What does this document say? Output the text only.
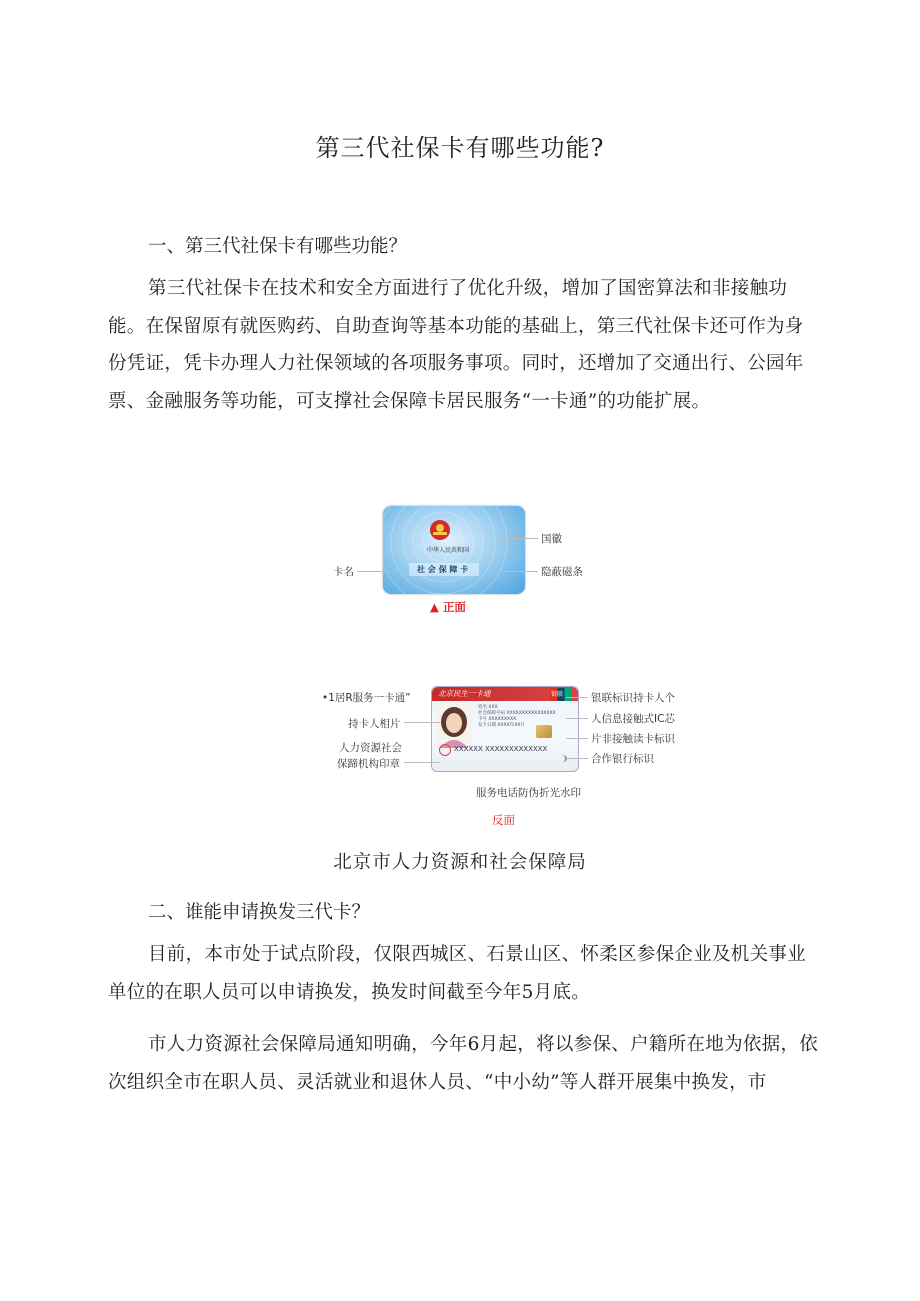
第三代社保卡有哪些功能?
一、第三代社保卡有哪些功能？
第三代社保卡在技术和安全方面进行了优化升级，增加了国密算法和非接触功能。在保留原有就医购药、自助查询等基本功能的基础上，第三代社保卡还可作为身份凭证，凭卡办理人力社保领域的各项服务事项。同时，还增加了交通出行、公园年票、金融服务等功能，可支撑社会保障卡居民服务“一卡通”的功能扩展。
中华人民共和国
社 会 保 障 卡
国徽
卡名	隐蔽磁条
▲ 正面
北京民生一卡通	银联
姓名 XXX
社会保障号码 XXXXXXXXXXXXXXXX
卡号 XXXXXXXXX
发卡日期 XXXX年XX月
XXXXXX XXXXXXXXXXXXX
•1居R服务一卡通”
持卡人相片
人力资源社会
保蹄机构印章
银联标识持卡人个
人信息接触式IC芯
片非接触读卡标识
合作银行标识
服务电话防伪折光水印
反面
北京市人力资源和社会保障局
二、谁能申请换发三代卡？
目前，本市处于试点阶段，仅限西城区、石景山区、怀柔区参保企业及机关事业单位的在职人员可以申请换发，换发时间截至今年5月底。
市人力资源社会保障局通知明确，今年6月起，将以参保、户籍所在地为依据，依次组织全市在职人员、灵活就业和退休人员、“中小幼”等人群开展集中换发，市
